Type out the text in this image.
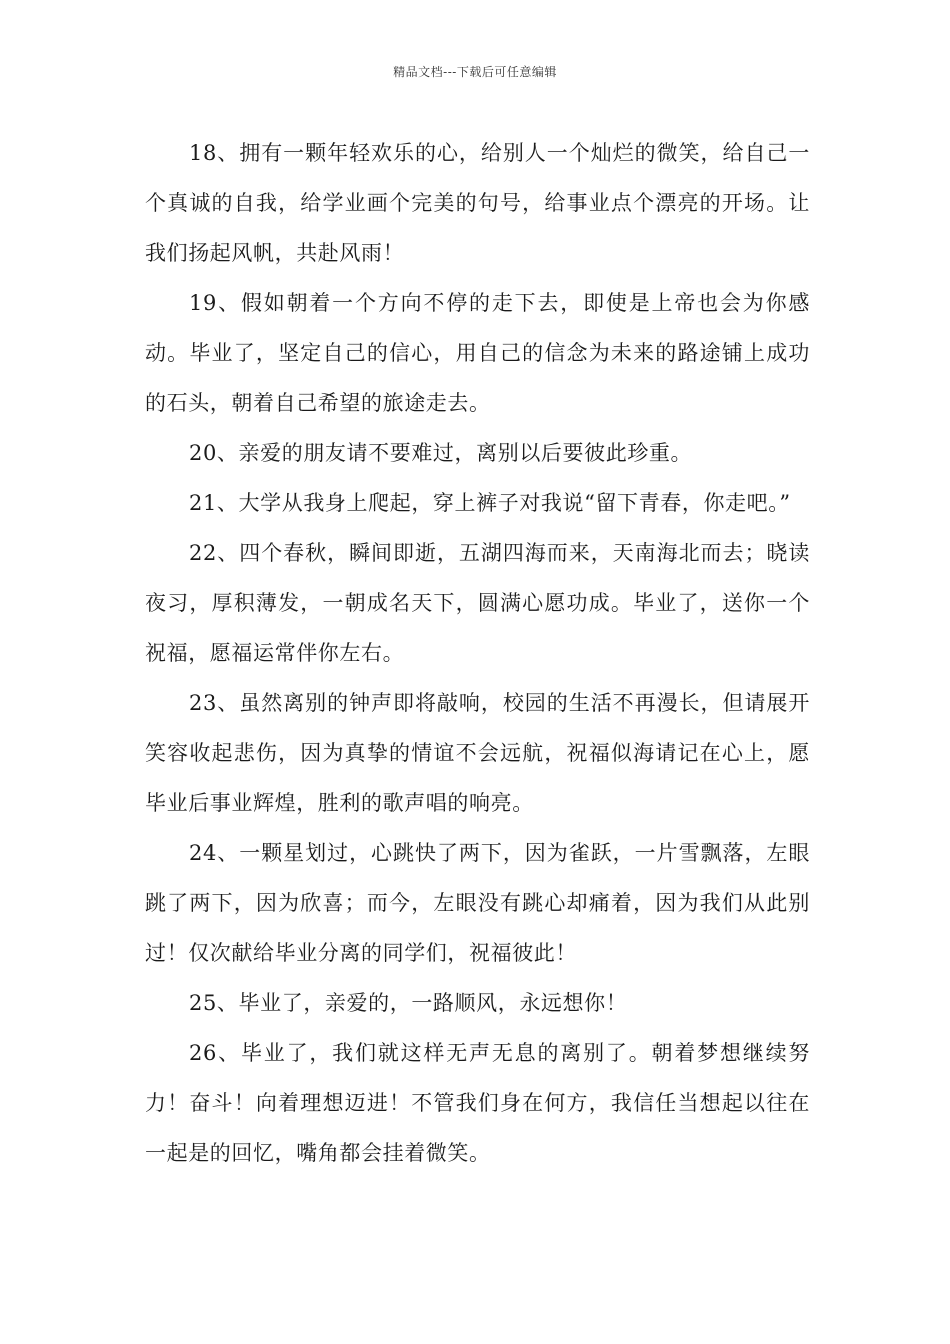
精品文档---下载后可任意编辑

18、拥有一颗年轻欢乐的心，给别人一个灿烂的微笑，给自己一个真诚的自我，给学业画个完美的句号，给事业点个漂亮的开场。让我们扬起风帆，共赴风雨！

19、假如朝着一个方向不停的走下去，即使是上帝也会为你感动。毕业了，坚定自己的信心，用自己的信念为未来的路途铺上成功的石头，朝着自己希望的旅途走去。

20、亲爱的朋友请不要难过，离别以后要彼此珍重。

21、大学从我身上爬起，穿上裤子对我说“留下青春，你走吧。”

22、四个春秋，瞬间即逝，五湖四海而来，天南海北而去；晓读夜习，厚积薄发，一朝成名天下，圆满心愿功成。毕业了，送你一个祝福，愿福运常伴你左右。

23、虽然离别的钟声即将敲响，校园的生活不再漫长，但请展开笑容收起悲伤，因为真挚的情谊不会远航，祝福似海请记在心上，愿毕业后事业辉煌，胜利的歌声唱的响亮。

24、一颗星划过，心跳快了两下，因为雀跃，一片雪飘落，左眼跳了两下，因为欣喜；而今，左眼没有跳心却痛着，因为我们从此别过！仅次献给毕业分离的同学们，祝福彼此！

25、毕业了，亲爱的，一路顺风，永远想你！

26、毕业了，我们就这样无声无息的离别了。朝着梦想继续努力！奋斗！向着理想迈进！不管我们身在何方，我信任当想起以往在一起是的回忆，嘴角都会挂着微笑。
